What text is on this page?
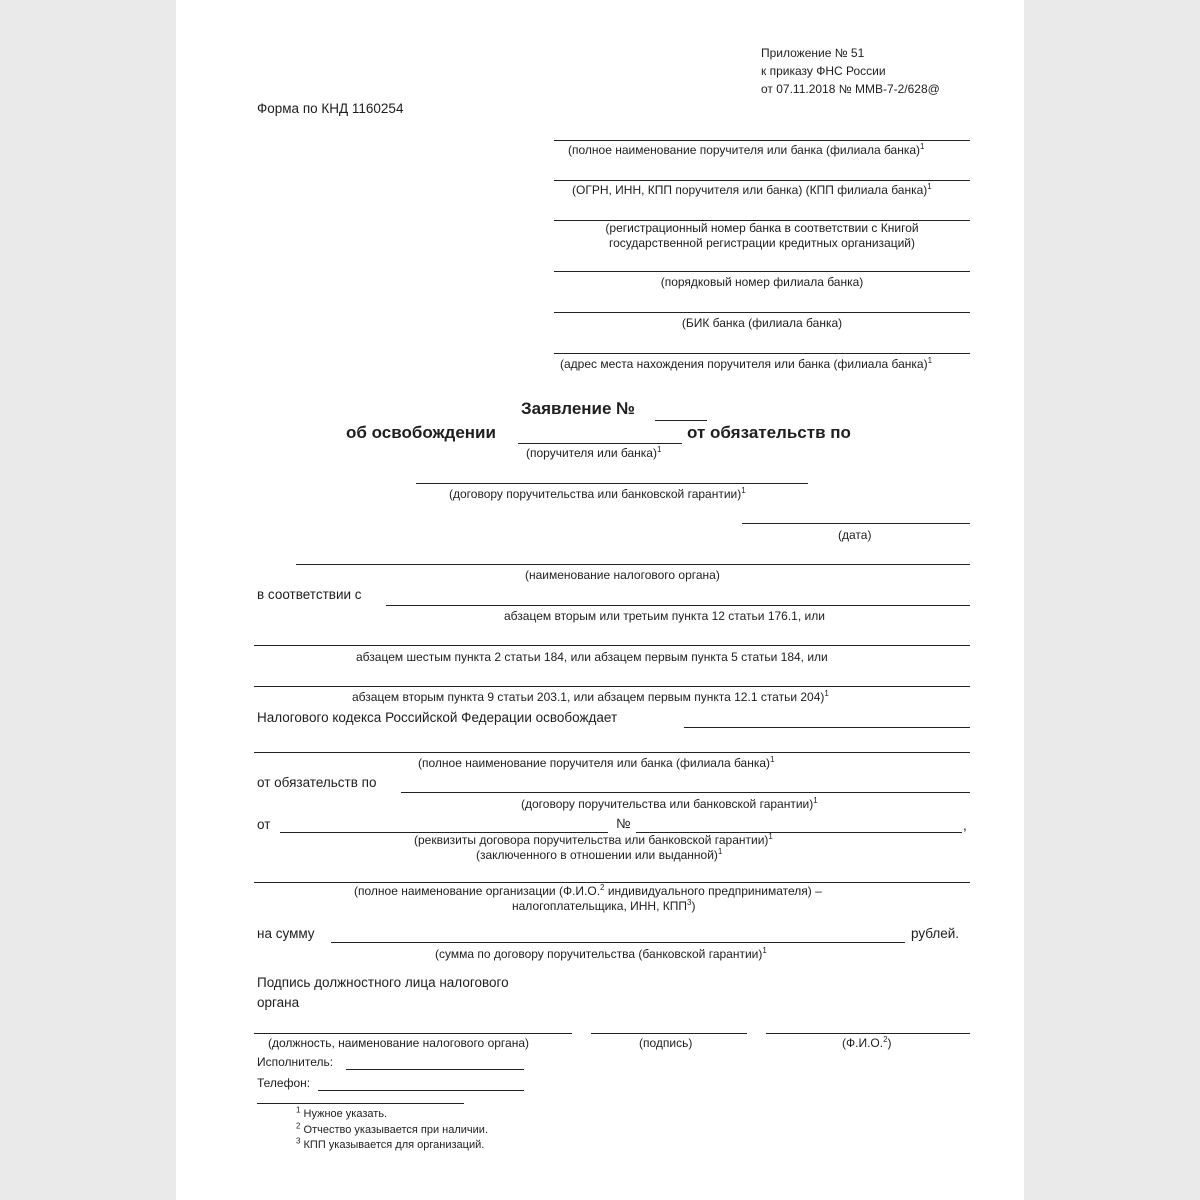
Приложение № 51
к приказу ФНС России
от 07.11.2018 № ММВ-7-2/628@
Форма по КНД 1160254
(полное наименование поручителя или банка (филиала банка)$^1$
(ОГРН, ИНН, КПП поручителя или банка) (КПП филиала банка)$^1$
(регистрационный номер банка в соответствии с Книгой
государственной регистрации кредитных организаций)
(порядковый номер филиала банка)
(БИК банка (филиала банка)
(адрес места нахождения поручителя или банка (филиала банка)$^1$
Заявление №
об освобождении	от обязательств по
(поручителя или банка)$^1$
(договору поручительства или банковской гарантии)$^1$
(дата)
(наименование налогового органа)
в соответствии с
абзацем вторым или третьим пункта 12 статьи 176.1, или
абзацем шестым пункта 2 статьи 184, или абзацем первым пункта 5 статьи 184, или
абзацем вторым пункта 9 статьи 203.1, или абзацем первым пункта 12.1 статьи 204)$^1$
Налогового кодекса Российской Федерации освобождает
(полное наименование поручителя или банка (филиала банка)$^1$
от обязательств по
(договору поручительства или банковской гарантии)$^1$
от	№	,
(реквизиты договора поручительства или банковской гарантии)$^1$
(заключенного в отношении или выданной)$^1$
(полное наименование организации (Ф.И.О.$^2$ индивидуального предпринимателя) –
налогоплательщика, ИНН, КПП$^3$)
на сумму	рублей.
(сумма по договору поручительства (банковской гарантии)$^1$
Подпись должностного лица налогового
органа
(должность, наименование налогового органа)	(подпись)	(Ф.И.О.$^2$)
Исполнитель:
Телефон:
$^1$ Нужное указать.
$^2$ Отчество указывается при наличии.
$^3$ КПП указывается для организаций.
